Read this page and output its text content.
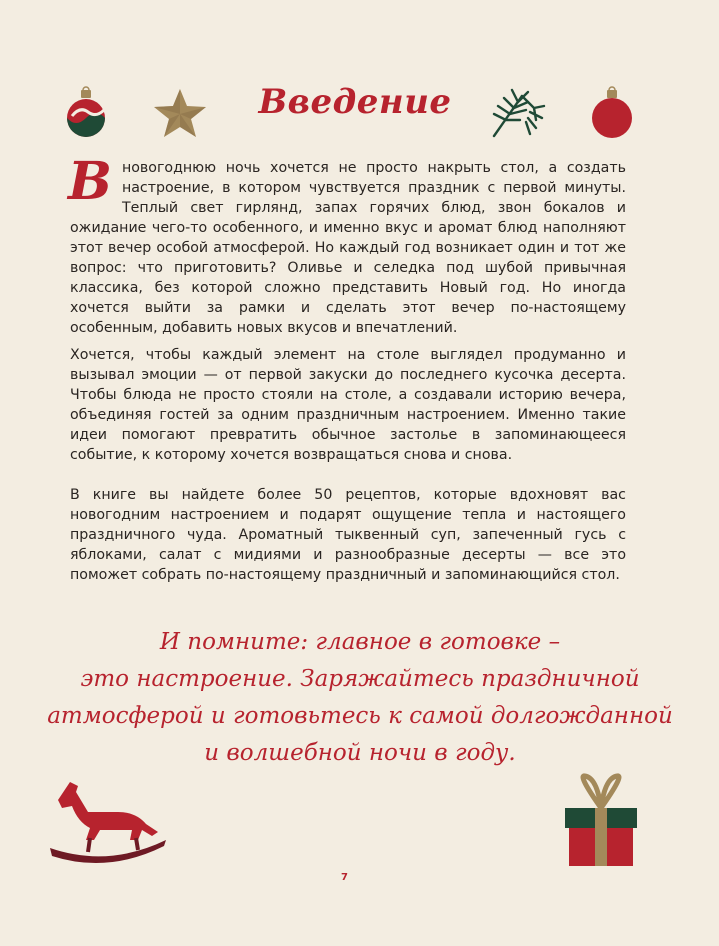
Введение
В новогоднюю ночь хочется не просто накрыть стол, а создать настроение, в котором чувствуется праздник с первой минуты. Теплый свет гирлянд, запах горячих блюд, звон бокалов и ожидание чего-то особенного, и именно вкус и аромат блюд наполняют этот вечер особой атмосферой. Но каждый год возникает один и тот же вопрос: что приготовить? Оливье и селедка под шубой привычная классика, без которой сложно представить Новый год. Но иногда хочется выйти за рамки и сделать этот вечер по-настоящему особенным, добавить новых вкусов и впечатлений.
Хочется, чтобы каждый элемент на столе выглядел продуманно и вызывал эмоции — от первой закуски до последнего кусочка десерта. Чтобы блюда не просто стояли на столе, а создавали историю вечера, объединяя гостей за одним праздничным настроением. Именно такие идеи помогают превратить обычное застолье в запоминающееся событие, к которому хочется возвращаться снова и снова.
В книге вы найдете более 50 рецептов, которые вдохновят вас новогодним настроением и подарят ощущение тепла и настоящего праздничного чуда. Ароматный тыквенный суп, запеченный гусь с яблоками, салат с мидиями и разнообразные десерты — все это поможет собрать по-настоящему праздничный и запоминающийся стол.
И помните: главное в готовке –
это настроение. Заряжайтесь праздничной
атмосферой и готовьтесь к самой долгожданной
и волшебной ночи в году.
7
